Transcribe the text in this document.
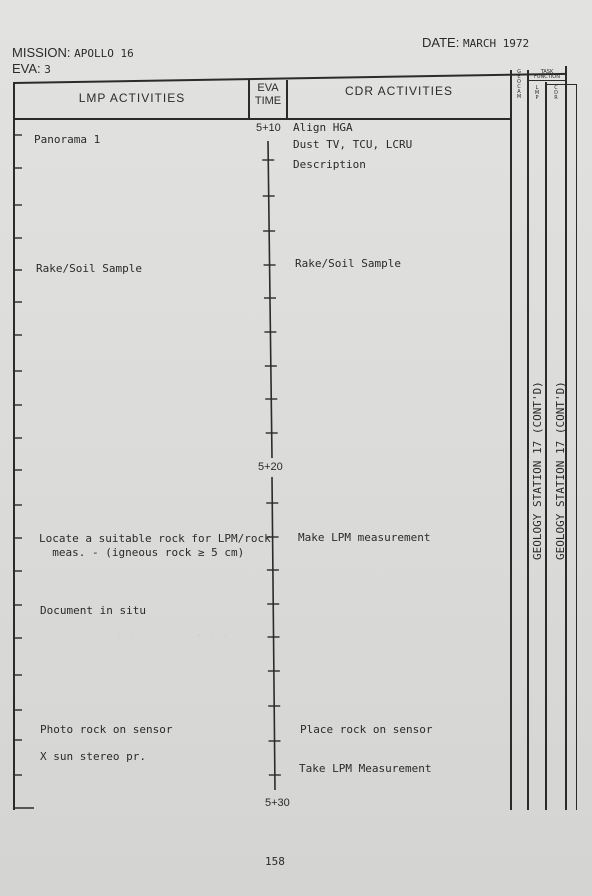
MISSION: APOLLO 16
EVA: 3
DATE: MARCH 1972
LMP ACTIVITIES
EVA
TIME
CDR ACTIVITIES
G
E
O
C
A
M
TASK FUNCTION
L
M
P
C
D
R
5+10
5+20
5+30
Panorama 1
Rake/Soil Sample
Locate a suitable rock for LPM/rock
meas. - (igneous rock ≥ 5 cm)
Document in situ
Photo rock on sensor
X sun stereo pr.
Align HGA
Dust TV, TCU, LCRU
Description
Rake/Soil Sample
Make LPM measurement
Place rock on sensor
Take LPM Measurement
. . .       . . .
GEOLOGY STATION 17 (CONT'D) GEOLOGY STATION 17 (CONT'D)
158
